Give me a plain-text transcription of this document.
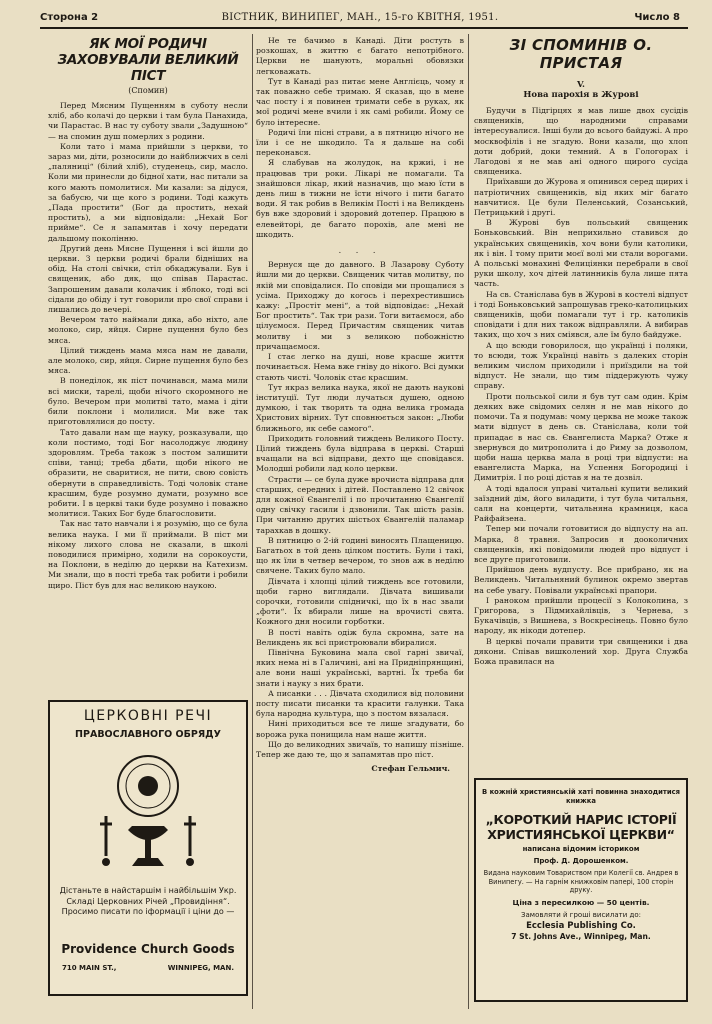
Сторона 2	ВІСТНИК, ВИНИПЕГ, МАН., 15-го КВІТНЯ, 1951.	Число 8
ЯК МОЇ РОДИЧІ ЗАХОВУВАЛИ ВЕЛИКИЙ ПІСТ
(Спомин)

Перед Мясним Пущенням в суботу несли хліб, або колачі до церкви і там була Панахида, чи Парастас. В нас ту суботу звали „Задушною“ — на спомин душ померлих з родини.

Коли тато і мама прийшли з церкви, то зараз ми, діти, розносили до найближчих в селі „паляниці“ (білий хліб), студенець, сир, масло. Коли ми принесли до бідної хати, нас питали за кого мають помолитися. Ми казали: за дідуся, за бабусю, чи ще кого з родини. Тоді кажуть „Пада простити“ (Бог да простить, нехай простить), а ми відповідали: „Нехай Бог прийме“. Се я запамятав і хочу передати дальшому поколінню.

Другий день Мясне Пущення і всі йшли до церкви. З церкви родичі брали бідніших на обід. На столі свічки, стіл обкаджували. Був і священик, або дяк, що співав Парастас. Запрошеним давали колачик і яблоко, тоді всі сідали до обіду і тут говорили про свої справи і лишались до вечері.

Вечером тато наймали дяка, або ніхто, але молоко, сир, яйця. Сирне пущення було без мяса.

Цілий тиждень мама мяса нам не давали, але молоко, сир, яйця. Сирне пущення було без мяса.

В понеділок, як піст починався, мама мили всі миски, тарелі, щоби нічого скоромного не було. Вечером при молитві тато, мама і діти били поклони і молилися. Ми вже так приготовлялися до посту.

Тато давали нам ще науку, розказували, що коли постимо, тоді Бог насолоджує людину здоровлям. Треба також з постом залишити співи, танці; треба дбати, щоби нікого не образити, не сваритися, не пити, свою совість обернути в справедливість. Тоді чоловік стане красшим, буде розумно думати, розумно все робити. І в церкві таки буде розумно і поважно молитися. Таких Бог буде благословити.

Так нас тато навчали і я розумію, що се була велика наука. І ми її приймали. В піст ми нікому лихого слова не сказали, в школі поводилися примірно, ходили на сорокоусти, на Поклони, в неділю до церкви на Катехизм. Ми знали, що в пості треба так робити і робили щиро. Піст був для нас великою наукою.

ЦЕРКОВНІ РЕЧІ
ПРАВОСЛАВНОГО ОБРЯДУ
Дістаньте в найстаршім і найбільшім Укр. Складі Церковних Річей „Провидіння“.
Просимо писати по іформації і ціни до —
Providence Church Goods
710 MAIN ST.,	WINNIPEG, MAN.

Не те бачимо в Канаді. Діти ростуть в розкошах, в життю є багато непотрібного. Церкви не шанують, моральні обовязки легковажать.

Тут в Канаді раз питає мене Англієць, чому я так поважно себе тримаю. Я сказав, що в мене час посту і я повинен тримати себе в руках, як мої родичі мене вчили і як самі робили. Йому се було інтересне.

Родичі їли пісні страви, а в пятницю нічого не їли і се не шкодило. Та я дальше на собі переконався.

Я слабував на жолудок, на кржиі, і не працював три роки. Лікарі не помагали. Та знайшовся лікар, який назначив, що маю їсти в день лиш в тижни не їсти нічого і пити багато води. Я так робив в Великім Пості і на Великдень був вже здоровий і здоровий дотепер. Працюю в елевейторі, де багато порохів, але мені не шкодить.

. . .

Вернуся ще до давного. В Лазарову Суботу йшли ми до церкви. Священик читав молитву, по якій ми сповідалися. По сповіди ми прощалися з усіма. Приходжу до когось і перехрестившись кажу: „Простіт мені“, а той відповідає: „Нехай Бог простить“. Так три рази. Тоги витаємося, або цілуємося. Перед Причастям священик читав молитву і ми з великою побожністю причащаємося.

І стає легко на душі, нове красше життя починається. Нема вже гніву до нікого. Всі думки стають чисті. Чоловік стає красшим.

Тут якраз велика наука, якої не дають наукові інституції. Тут люди лучаться душею, одною думкою, і так творять та одна велика громада Христових вірних. Тут сповнюється закон: „Люби ближнього, як себе самого“.

Приходить головний тиждень Великого Посту. Цілий тиждень була відправа в церкві. Старші вчащали на всі відправи, дехто ще сповідався. Молодші робили лад коло церкви.

Страсти — се була дуже врочиста відправа для старших, середних і дітей. Поставлено 12 свічок для кожної Євангелії і по прочитанню Євангелії одну свічку гасили і дзвонили. Так шість разів. При читанню других шістьох Євангелій паламар тарахкав в дошку.

В пятницю о 2-ій годині виносять Плащеницю. Багатьох в той день цілком постить. Були і такі, що як їли в четвер вечером, то знов аж в неділю свячене. Таких було мало.

Дівчата і хлопці цілий тиждень все готовили, щоби гарно виглядали. Дівчата вишивали сорочки, готовили спідничкі, що їх в нас звали „фоти“. Їх вбирали лише на врочисті свята. Кожного дня носили горботки.

В пості навіть одіж була скромна, зате на Великдень як всі пристроювали вбиралися.

Північна Буковина мала свої гарні звичаї, яких нема ні в Галичині, ані на Придніпрянщині, але вони наші українські, вартні. Їх треба би знати і науку з них брати.

А писанки . . . Дівчата сходилися від половини посту писати писанки та красити галунки. Така була народна культура, що з постом вязалася.

Нині приходиться все те лише згадувати, бо ворожа рука понищила нам наше життя.

Що до великодних звичаїв, то напишу пізніше. Тепер же даю те, що я запамятав про піст.

Стефан Гельмич.
ЗІ СПОМИНІВ О. ПРИСТАЯ
V.
Нова парохія в Журові

Будучи в Підгірцях я мав лише двох сусідів священиків, що народними справами інтересувалися. Інші були до всього байдужі. А про москвофілів і не згадую. Вони казали, що хлоп доти добрий, доки темний. А в Гологорах і Лагодові я не мав ані одного щирого сусіда священика.

Приїхавши до Журова я опинився серед щирих і патріотичних священиків, від яких міг багато навчитися. Це були Пеленський, Созанський, Петрицький і другі.

В Журові був польський священик Боньковський. Він неприхильно ставився до українських священиків, хоч вони були католики, як і він. І тому прити моєї волі ми стали ворогами. А польські монахині Фелиціянки перебрали в свої руки школу, хоч дітей латинників була лише пята часть.

На св. Станіслава був в Журові в костелі відпуст і тоді Боньковський запрошував греко-католицьких священиків, щоби помагали тут і гр. католиків сповідати і для них також відправляли. А вибирав таких, що хоч з них сміявся, але їм було байдуже.

А що всюди говорилося, що українці і поляки, то всюди, тож Українці навіть з далеких сторін великим числом приходили і приїздили на той відпуст. Не знали, що тим піддержують чужу справу.

Проти польської сили я був тут сам один. Крім деяких вже свідомих селян я не мав нікого до помочи. Та я подумав: чому церква не може також мати відпуст в день св. Станіслава, коли той припадає в нас св. Євангелиста Марка? Отже я звернувся до митрополита і до Риму за дозволом, щоби наша церква мала в році три відпусти: на евангелиста Марка, на Успення Богородиці і Димитрія. І по році дістав я на те дозвіл.

А тоді вдалося управі читальні купити великий заїздний дім, його виладити, і тут була читальня, саля на концерти, читальняна крамниця, каса Райфайзена.

Тепер ми почали готовитися до відпусту на ап. Марка, 8 травня. Запросив я дооколичних священиків, які повідомили людей про відпуст і все друге приготовили.

Прийшов день вудпусту. Все прибрано, як на Великдень. Читальняний булинок окремо звертав на себе увагу. Повівали українські прапори.

І раноком прийшли процесії з Колоколина, з Григорова, з Підмихайлівців, з Чернева, з Букачівців, з Вишнева, з Воскресінець. Повно було народу, як нікоди дотепер.

В церкві почали правити три священики і два дякони. Співав вишколений хор. Друга Служба Божа правилася на

В кожній християнській хаті повинна знаходитися книжка
„КОРОТКИЙ НАРИС ІСТОРІЇ ХРИСТИЯНСЬКОЇ ЦЕРКВИ“
написана відомим істориком
Проф. Д. Дорошенком.
Видана науковим Товариством при Колегії св. Андрея в Винипегу. — На гарнім книжковім папері, 100 сторін друку.
Ціна з пересилкою — 50 центів.
Замовляти й гроші висилати до:
Ecclesia Publishing Co.
7 St. Johns Ave., Winnipeg, Man.
